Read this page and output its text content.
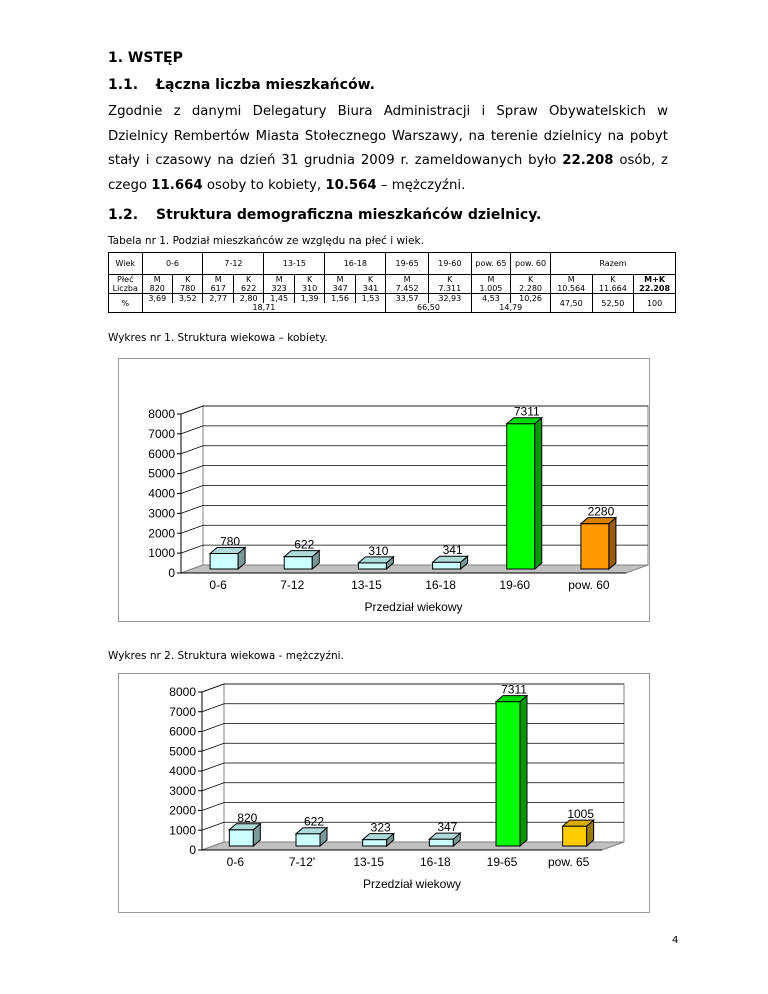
1. WSTĘP
1.1. Łączna liczba mieszkańców.
Zgodnie z danymi Delegatury Biura Administracji i Spraw Obywatelskich w Dzielnicy Rembertów Miasta Stołecznego Warszawy, na terenie dzielnicy na pobyt stały i czasowy na dzień 31 grudnia 2009 r. zameldowanych było 22.208 osób, z czego 11.664 osoby to kobiety, 10.564 – mężczyźni.
1.2. Struktura demograficzna mieszkańców dzielnicy.
Tabela nr 1. Podział mieszkańców ze względu na płeć i wiek.
Wiek	0-6		7-12		13-15		16-18		19-65	19-60	pow. 65	pow. 60	Razem		
Płeć	M	K	M	K	M	K	M	K	M	K	M	K	M	K	M+K
Liczba	820	780	617	622	323	310	347	341	7.452	7.311	1.005	2.280	10.564	11.664	22.208
%	3,69	3,52	2,77	2,80	1,45	1,39	1,56	1,53	33,57	32,93	4,53	10,26	47,50	52,50	100
	18,71								66,50		14,79				
Wykres nr 1. Struktura wiekowa – kobiety.
0
1000
2000
3000
4000
5000
6000
7000
8000
780
0-6
622
7-12
310
13-15
341
16-18
7311
19-60
2280
pow. 60
Przedział wiekowy
Wykres nr 2. Struktura wiekowa - mężczyźni.
0
1000
2000
3000
4000
5000
6000
7000
8000
820
0-6
622
7-12'
323
13-15
347
16-18
7311
19-65
1005
pow. 65
Przedział wiekowy
4
